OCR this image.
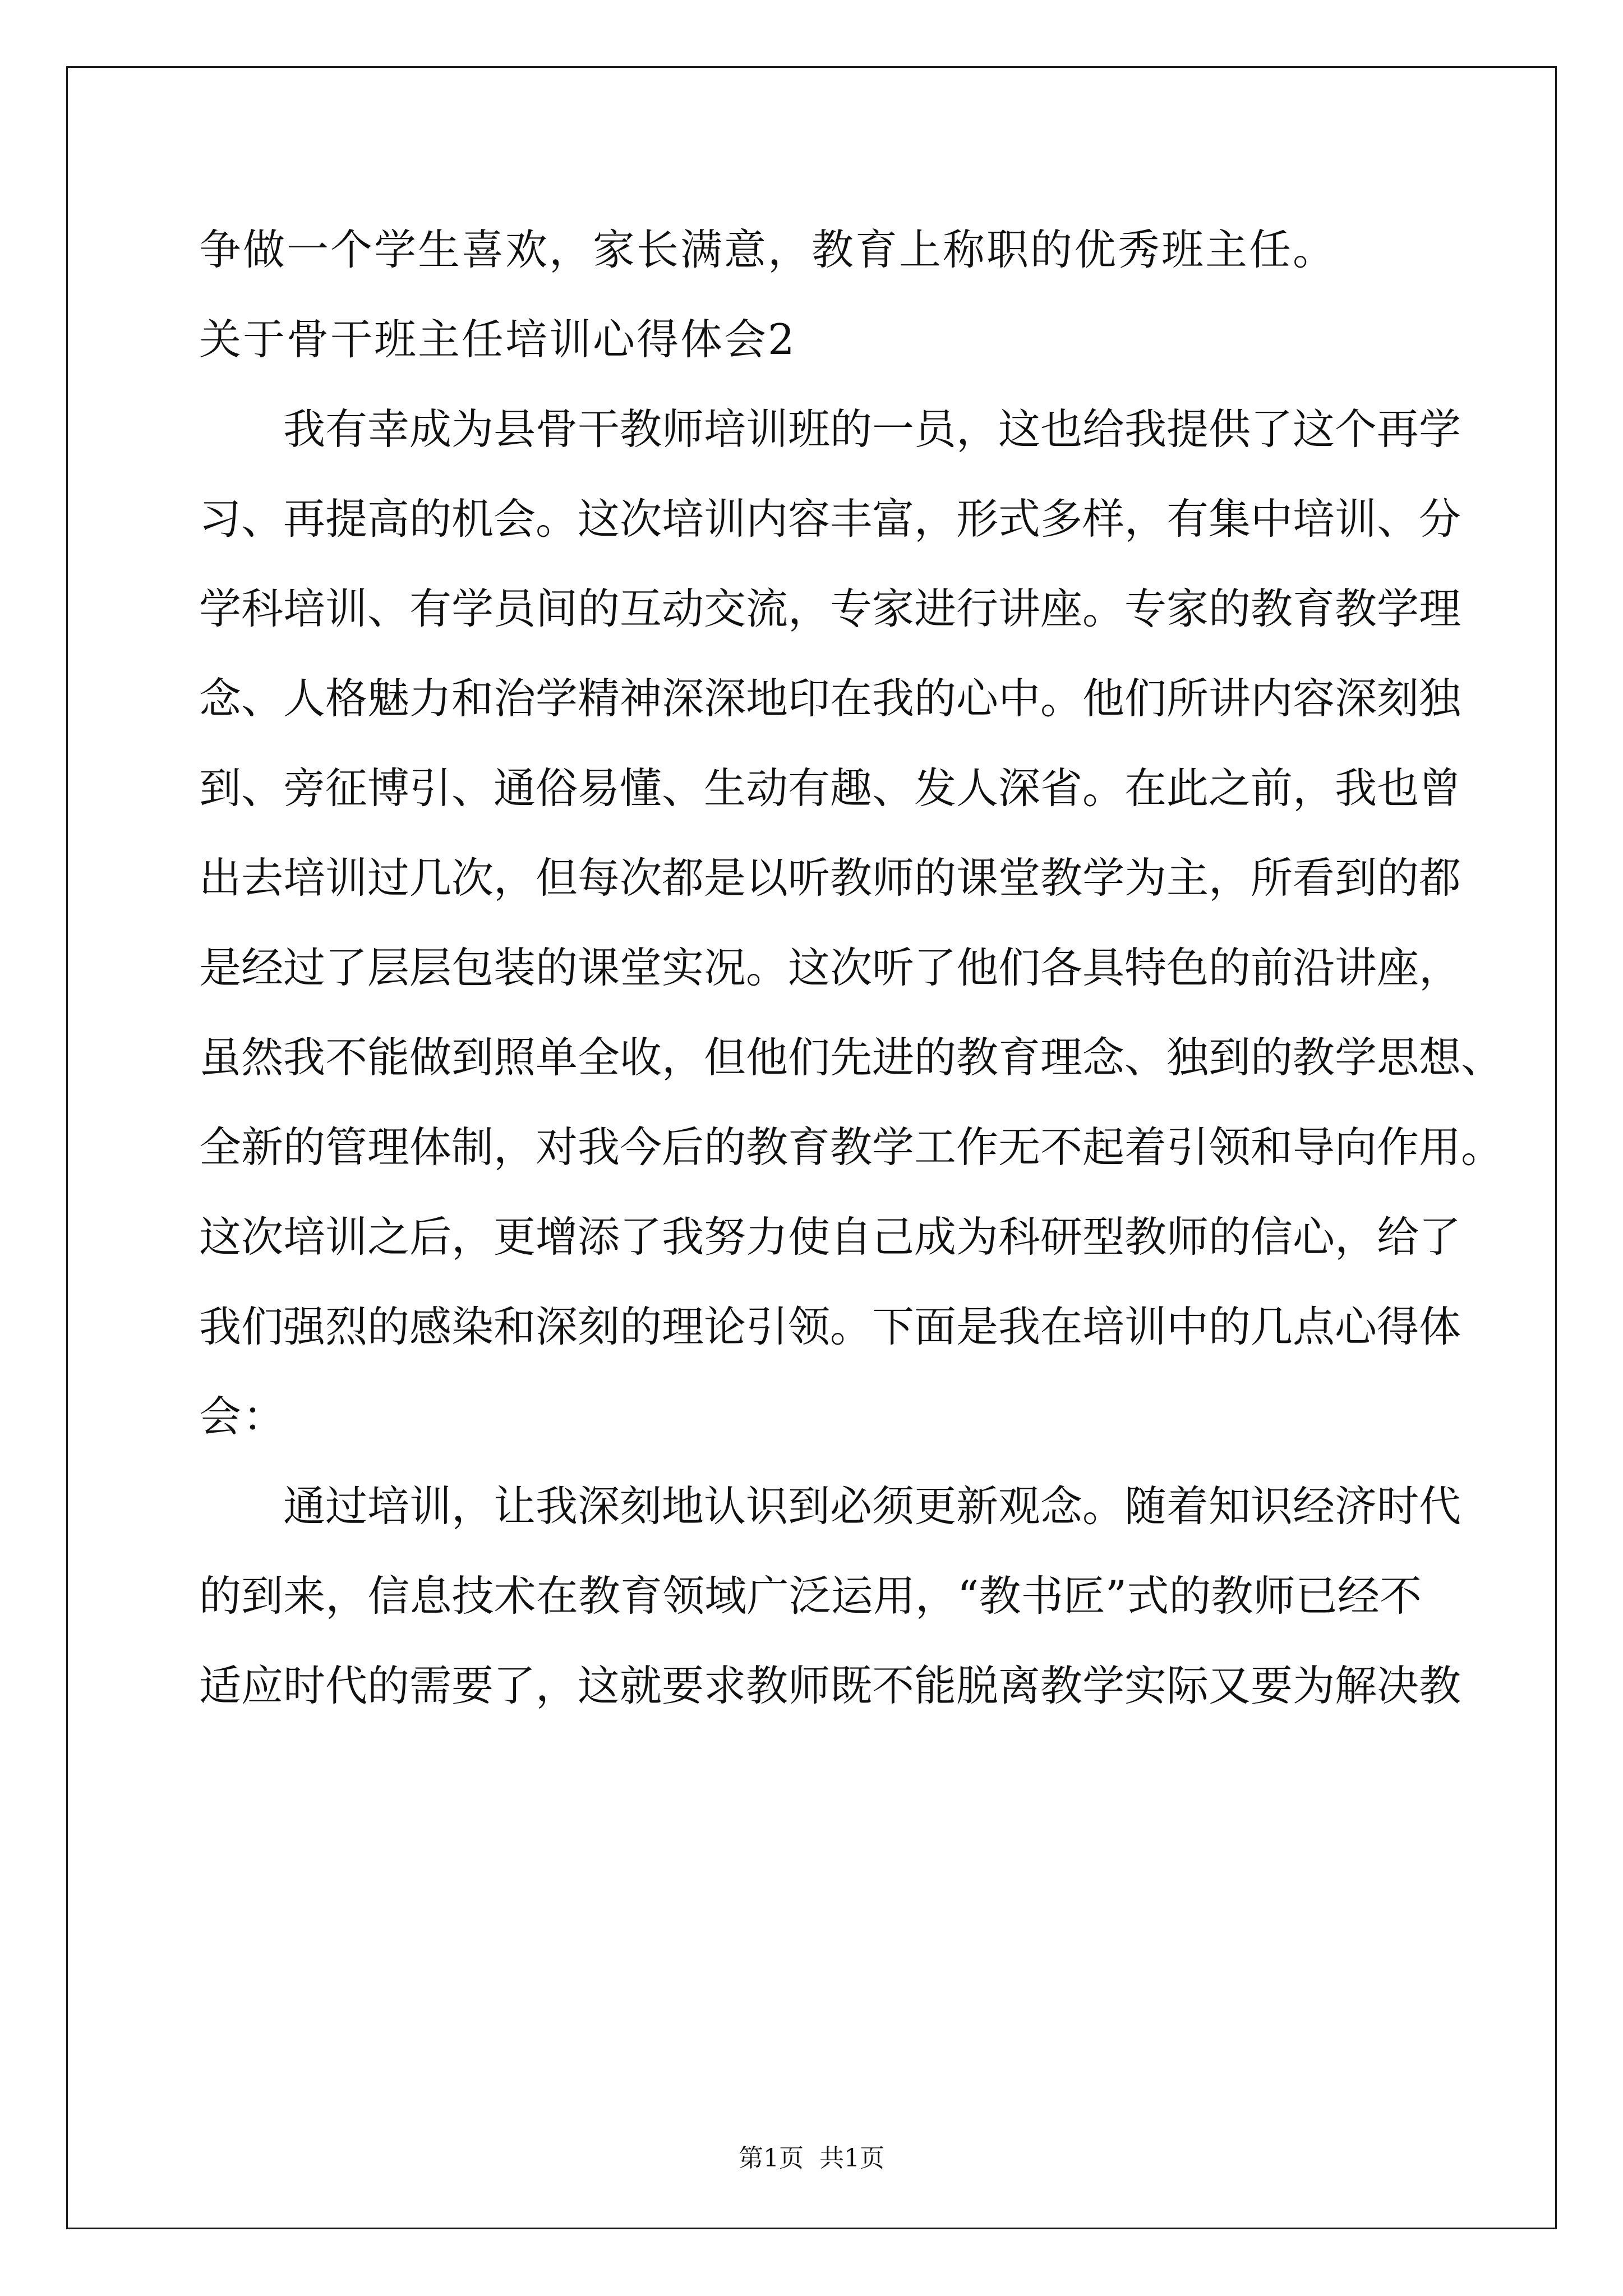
争做一个学生喜欢，家长满意，教育上称职的优秀班主任。
关于骨干班主任培训心得体会2
　　我有幸成为县骨干教师培训班的一员，这也给我提供了这个再学
习、再提高的机会。这次培训内容丰富，形式多样，有集中培训、分
学科培训、有学员间的互动交流，专家进行讲座。专家的教育教学理
念、人格魅力和治学精神深深地印在我的心中。他们所讲内容深刻独
到、旁征博引、通俗易懂、生动有趣、发人深省。在此之前，我也曾
出去培训过几次，但每次都是以听教师的课堂教学为主，所看到的都
是经过了层层包装的课堂实况。这次听了他们各具特色的前沿讲座，
虽然我不能做到照单全收，但他们先进的教育理念、独到的教学思想、
全新的管理体制，对我今后的教育教学工作无不起着引领和导向作用。
这次培训之后，更增添了我努力使自己成为科研型教师的信心，给了
我们强烈的感染和深刻的理论引领。下面是我在培训中的几点心得体
会：
　　通过培训，让我深刻地认识到必须更新观念。随着知识经济时代
的到来，信息技术在教育领域广泛运用，“教书匠”式的教师已经不
适应时代的需要了，这就要求教师既不能脱离教学实际又要为解决教
第1页 共1页
